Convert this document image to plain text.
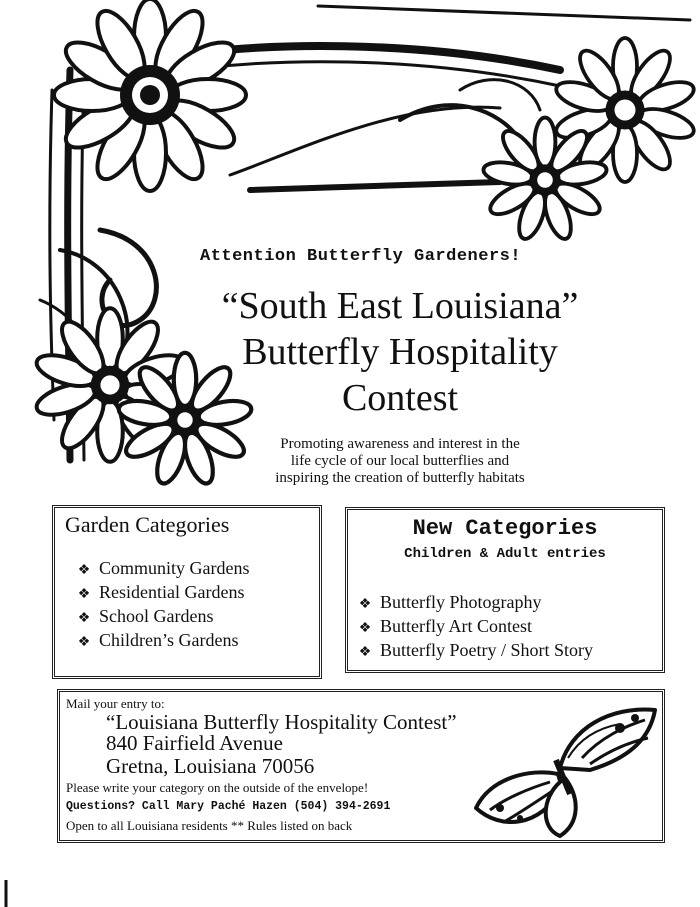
Attention Butterfly Gardeners!
“South East Louisiana”
Butterfly Hospitality
Contest
Promoting awareness and interest in the
life cycle of our local butterflies and
inspiring the creation of butterfly habitats
Garden Categories
❖ Community Gardens
❖ Residential Gardens
❖ School Gardens
❖ Children’s Gardens
New Categories
Children & Adult entries
❖ Butterfly Photography
❖ Butterfly Art Contest
❖ Butterfly Poetry / Short Story
Mail your entry to:
“Louisiana Butterfly Hospitality Contest”
840 Fairfield Avenue
Gretna, Louisiana 70056
Please write your category on the outside of the envelope!
Questions? Call Mary Paché Hazen (504) 394-2691
Open to all Louisiana residents ** Rules listed on back
